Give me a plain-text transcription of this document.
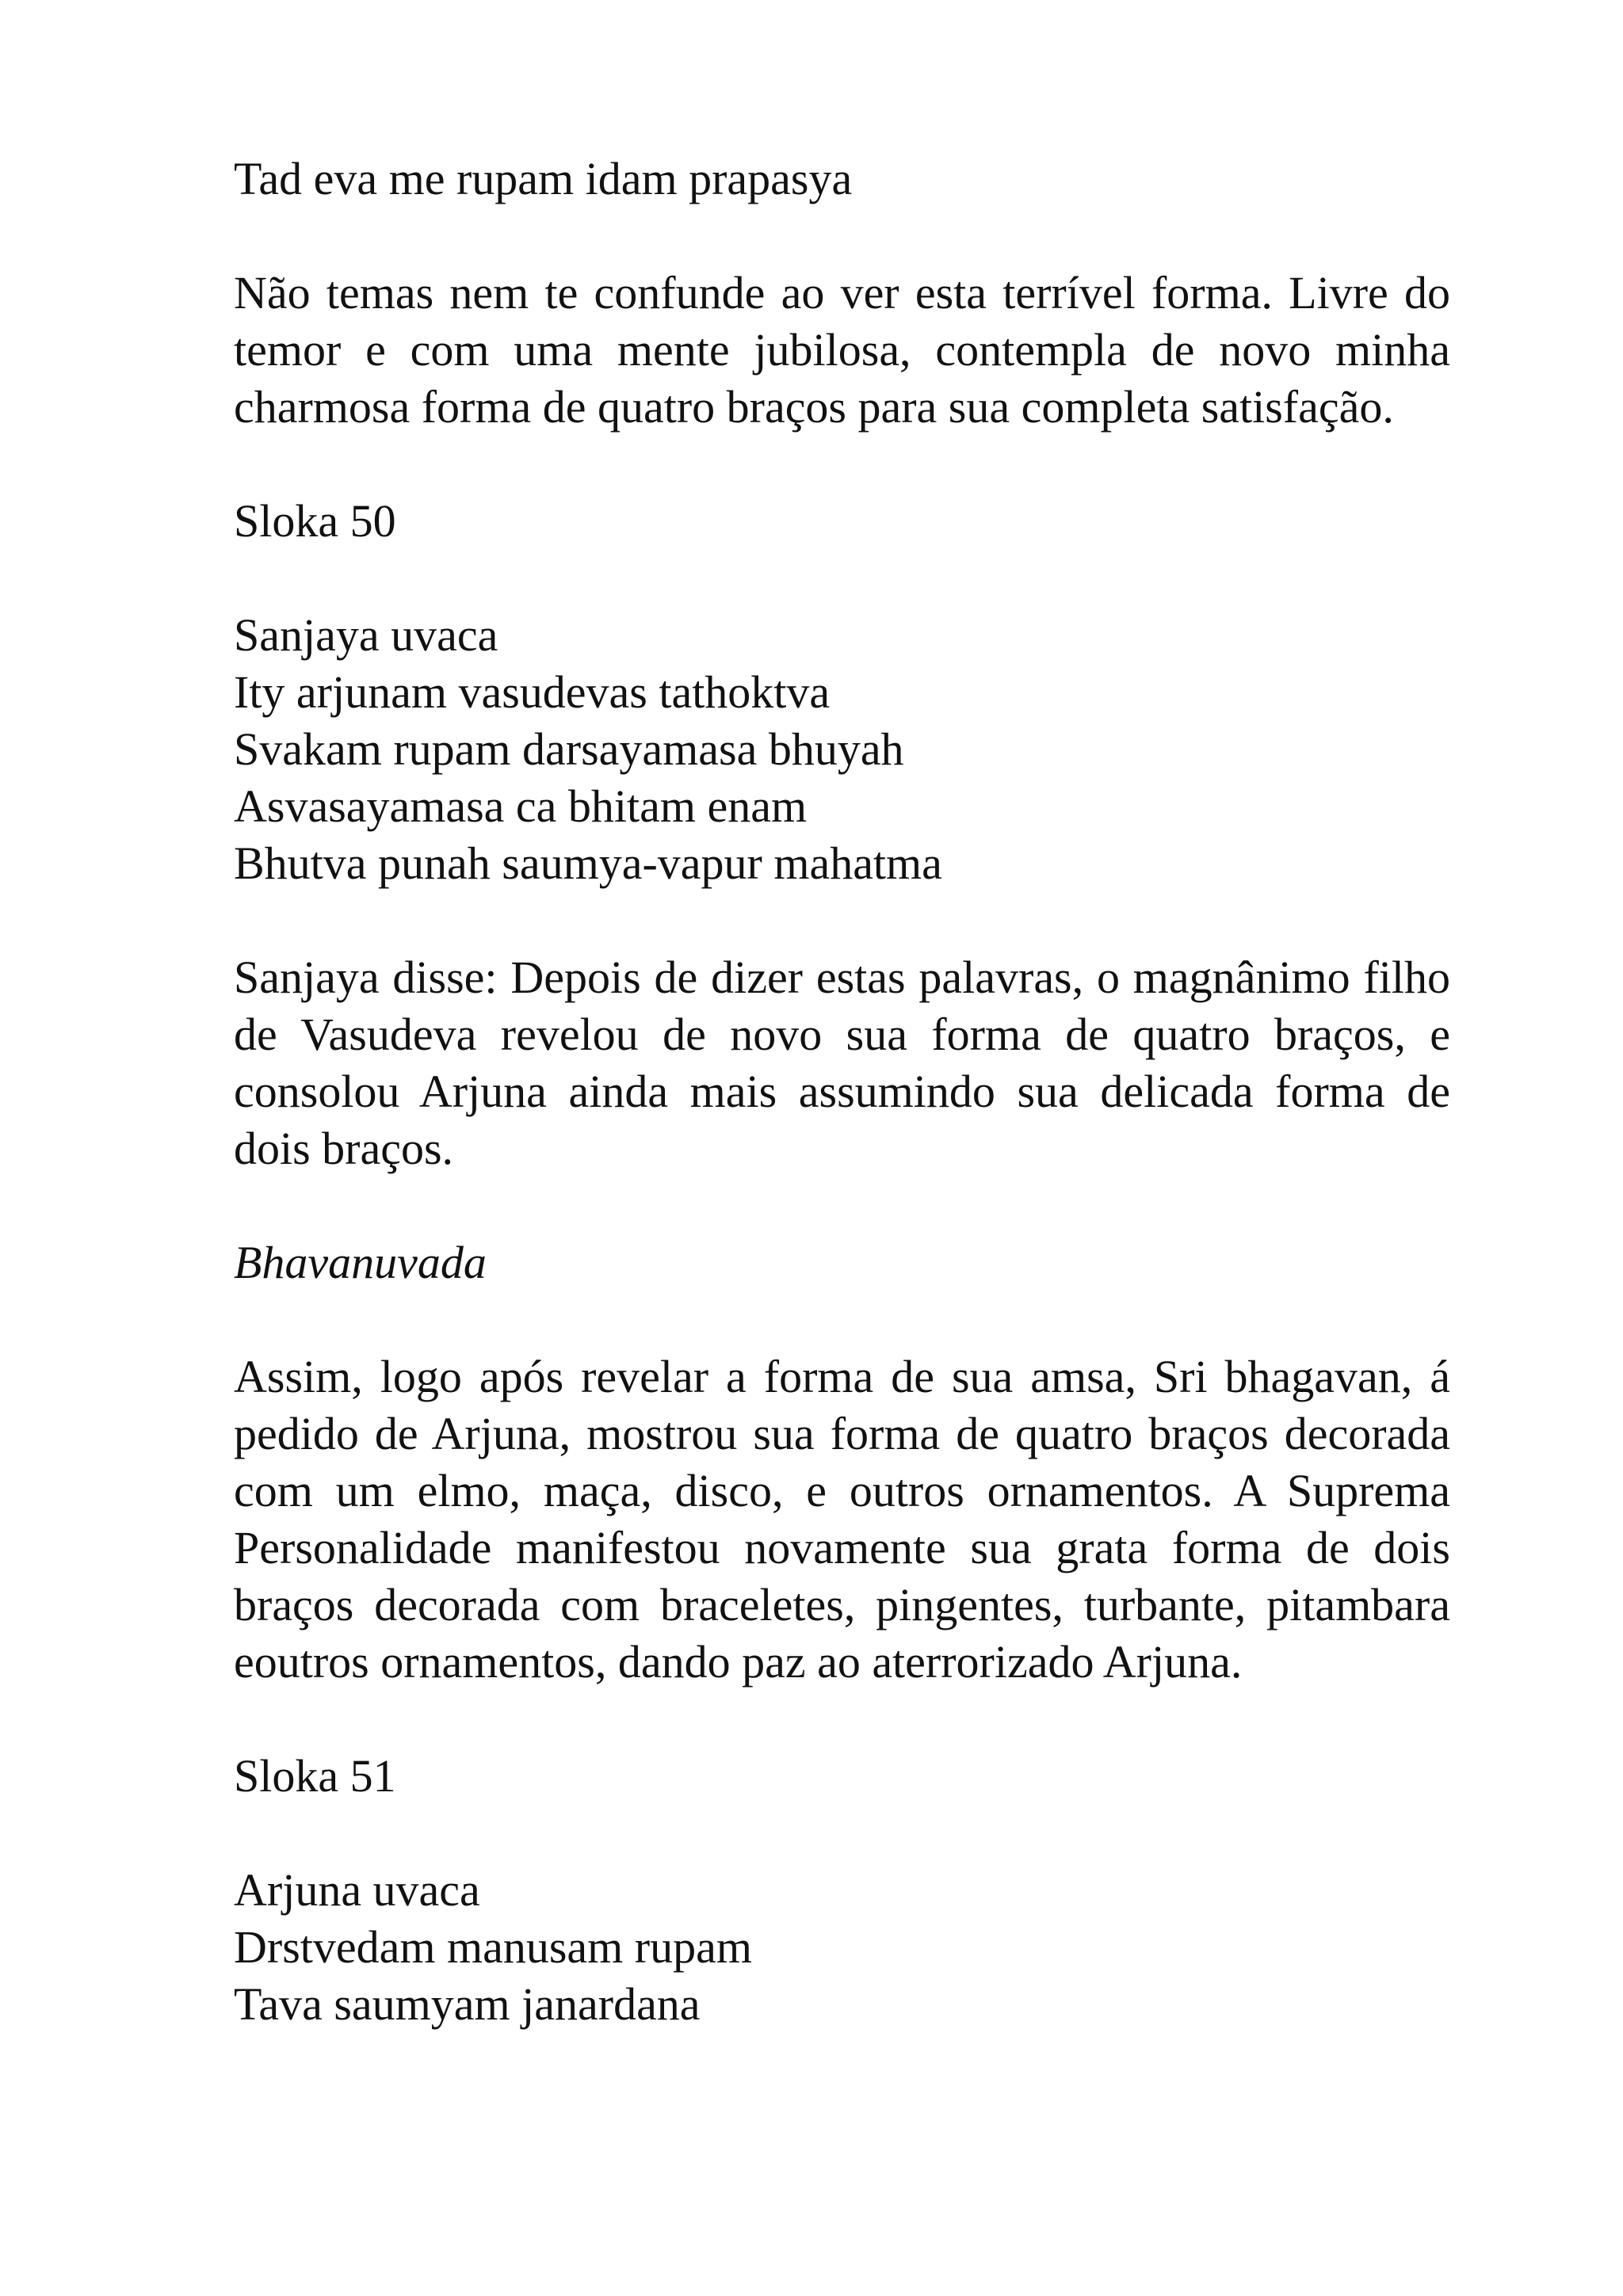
Tad eva me rupam idam prapasya

Não temas nem te confunde ao ver esta terrível forma. Livre do temor e com uma mente jubilosa, contempla de novo minha charmosa forma de quatro braços para sua completa satisfação.

Sloka 50
Sanjaya uvaca
Ity arjunam vasudevas tathoktva
Svakam rupam darsayamasa bhuyah
Asvasayamasa ca bhitam enam
Bhutva punah saumya-vapur mahatma

Sanjaya disse: Depois de dizer estas palavras, o magnânimo filho de Vasudeva revelou de novo sua forma de quatro braços, e consolou Arjuna ainda mais assumindo sua delicada forma de dois braços.

Bhavanuvada

Assim, logo após revelar a forma de sua amsa, Sri bhagavan, á pedido de Arjuna, mostrou sua forma de quatro braços decorada com um elmo, maça, disco, e outros ornamentos. A Suprema Personalidade manifestou novamente sua grata forma de dois braços decorada com braceletes, pingentes, turbante, pitambara eoutros ornamentos, dando paz ao aterrorizado Arjuna.

Sloka 51
Arjuna uvaca
Drstvedam manusam rupam
Tava saumyam janardana
